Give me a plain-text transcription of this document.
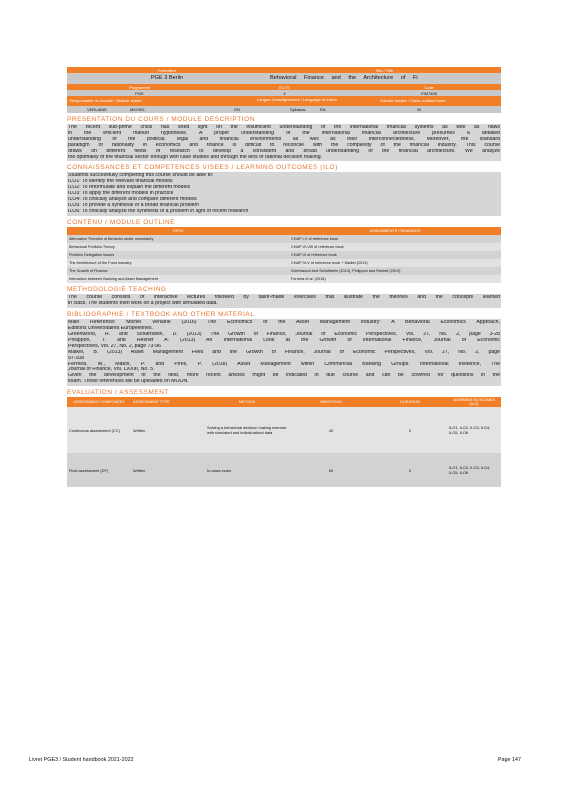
Formation	Title / Title
PGE 3 Berlin	Behavioral Finance and the Architecture of Fi
Programme	ECTS	Code
PGE	4	FIM7408
Responsable du module / Module leader	Langue d'enseignement / Language of tuition	Volume horaire / Class contact hours
VERLAINE	MICHEL	EN	Syllabus:	EN	32
PRESENTATION DU COURS / MODULE DESCRIPTION
The recent sub-prime crisis has shed light on the insufficient understanding of the international financial systems as well as flaws
in the efficient market hypothesis. A proper understanding of the international financial architecture presumes a detailed
understanding of the political, legal and financial environments as well as their interconnectedness. Moreover, the standard
paradigm of rationality in economics and finance is difficult to reconcile with the complexity of the financial industry. This course
draws on different fields of research to develop a consistent and broad understanding of the financial architecture. We analyze
the optimality of the financial sector through with case studies and through the lens of rational decision making.
CONNAISSANCES ET COMPETENCES VISEES / LEARNING OUTCOMES (ILO)
Students successfully completing this course should be able to:
ILO1: To identify the relevant financial models
ILO2: To reformulate and explain the different models
ILO3: To apply the different models in practice
ILO4: To critically analyze and compare different models
ILO5: To provide a synthesis of a broad financial problem
ILO6: To critically analyze the synthesis of a problem in light of recent research
CONTENU / MODULE OUTLINE
TOPIC	ASSIGNMENTS / READINGS
Alternative Theories of Behavior under uncertainty	CHAP I-V of reference book
Behavioral Portfolio Theory	CHAP VI-VIII of reference book
Portfolio Delegation Issues	CHAP IX of reference book
The Architecture of the Fund Industry	CHAP IV-V of reference book + Maikel (2013)
The Growth of Finance	Greenwood and Scharfstein (2013), Philippon and Reshef (2013)
Interaction between Banking and Asset Management	Ferreira et al. (2018)
METHODOLOGIE TEACHING
The course consists of interactive lectures followed by tailor-made exercises that illustrate the theories and the concepts learned
in class. The students then work on a project with simulated data.
BIBLIOGRAPHIE / TEXTBOOK AND OTHER MATERIAL
Main Reference: Michel Verlaine (2016) The Economics of the Asset Management Industry: A Behavioral Economics Approach,
Editions Universitaires Européennes.
Greenwood, R. and Scharfstein, D. (2013) The Growth of Finance, Journal of Economic Perspectives, Vol. 27, No. 2, page 3-28
Philippon, T. and Reshef A. (2013) An International Look at the Growth of International Finance, Journal of Economic
Perspectives, Vol. 27, No. 2, page 73-96
Maikel, B. (2013) Asset Management Fees and the Growth of Finance, Journal of Economic Perspectives, Vol. 27, No. 2, page
97-108
Ferreira, M., Matos, P. and Pires, P. (2018) Asset Management within Commercial Banking Groups: International evidence, The
Journal of Finance, Vol. LXXIII, No. 5.
Given the development of the field, more recent articles might be indicated in due course and can be covered for questions in the
exam. Those references will be uploaded on MOON.
EVALUATION / ASSESSMENT
ASSESSMENT COMPONENT	ASSESSMENT TYPE	METHOD	WEIGHTING	DURATION	LEARNING OUTCOMES (ILO)
Continuous assessment (CC)	Written	Solving a behavioral decision making exercise with simulated and individualized data	40	0	ILO1, ILO2, ILO3, ILO4, ILO5, ILO6
Final assessment (DF)	Written	In-class exam	60	0	ILO1, ILO2, ILO3, ILO4, ILO5, ILO6
Livret PGE3 / Student handbook 2021-2022	Page 147
